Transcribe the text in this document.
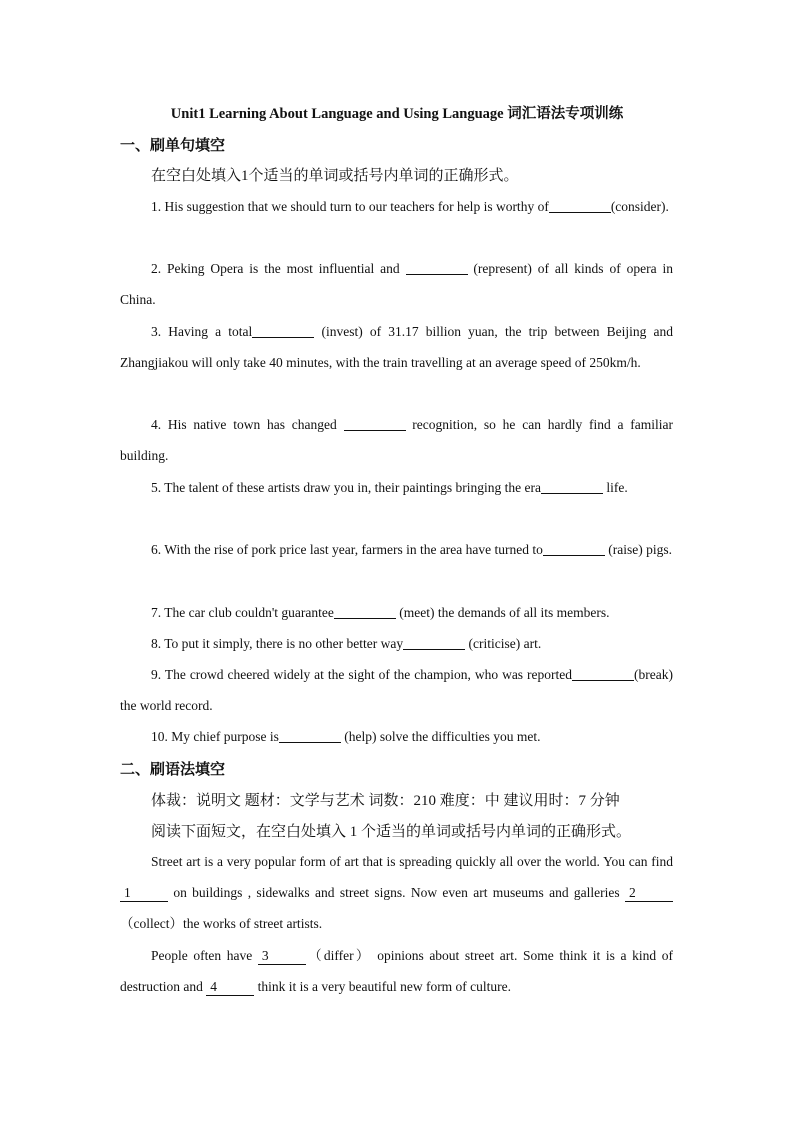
Unit1 Learning About Language and Using Language 词汇语法专项训练
一、刷单句填空
在空白处填入1个适当的单词或括号内单词的正确形式。
1. His suggestion that we should turn to our teachers for help is worthy of	(consider).
2. Peking Opera is the most influential and	(represent) of all kinds of opera in China.
3. Having a total	(invest) of 31.17 billion yuan, the trip between Beijing and Zhangjiakou will only take 40 minutes, with the train travelling at an average speed of 250km/h.
4. His native town has changed	recognition, so he can hardly find a familiar building.
5. The talent of these artists draw you in, their paintings bringing the era	life.
6. With the rise of pork price last year, farmers in the area have turned to	(raise) pigs.
7. The car club couldn't guarantee	(meet) the demands of all its members.
8. To put it simply, there is no other better way	(criticise) art.
9. The crowd cheered widely at the sight of the champion, who was reported	(break) the world record.
10. My chief purpose is	(help) solve the difficulties you met.
二、刷语法填空
体裁：说明文 题材：文学与艺术 词数：210 难度：中 建议用时：7 分钟
阅读下面短文，在空白处填入 1 个适当的单词或括号内单词的正确形式。
Street art is a very popular form of art that is spreading quickly all over the world. You can find 1	on buildings , sidewalks and street signs. Now even art museums and galleries 2（collect）the works of street artists.
People often have 3	（differ） opinions about street art. Some think it is a kind of destruction and 4	think it is a very beautiful new form of culture.
